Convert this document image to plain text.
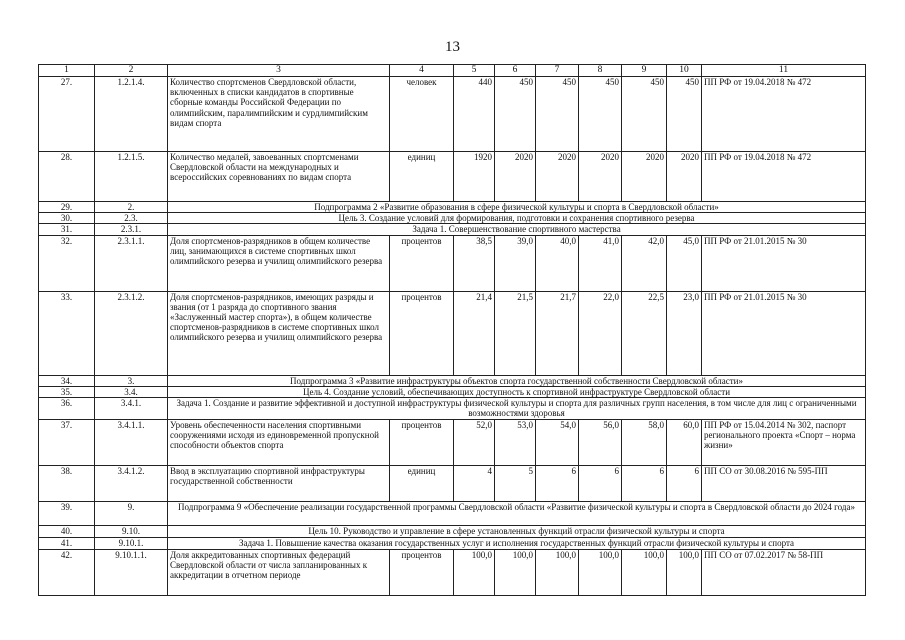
13
1	2	3	4	5	6	7	8	9	10	11
27.	1.2.1.4.	Количество спортсменов Свердловской области, включенных в списки кандидатов в спортивные сборные команды Российской Федерации по олимпийским, паралимпийским и сурдлимпийским видам спорта	человек	440	450	450	450	450	450	ПП РФ от 19.04.2018 № 472
28.	1.2.1.5.	Количество медалей, завоеванных спортсменами Свердловской области на международных и всероссийских соревнованиях по видам спорта	единиц	1920	2020	2020	2020	2020	2020	ПП РФ от 19.04.2018 № 472
29.	2.	Подпрограмма 2 «Развитие образования в сфере физической культуры и спорта в Свердловской области»								
30.	2.3.	Цель 3. Создание условий для формирования, подготовки и сохранения спортивного резерва								
31.	2.3.1.	Задача 1. Совершенствование спортивного мастерства								
32.	2.3.1.1.	Доля спортсменов-разрядников в общем количестве лиц, занимающихся в системе спортивных школ олимпийского резерва и училищ олимпийского резерва	процентов	38,5	39,0	40,0	41,0	42,0	45,0	ПП РФ от 21.01.2015 № 30
33.	2.3.1.2.	Доля спортсменов-разрядников, имеющих разряды и звания (от 1 разряда до спортивного звания «Заслуженный мастер спорта»), в общем количестве спортсменов-разрядников в системе спортивных школ олимпийского резерва и училищ олимпийского резерва	процентов	21,4	21,5	21,7	22,0	22,5	23,0	ПП РФ от 21.01.2015 № 30
34.	3.	Подпрограмма 3 «Развитие инфраструктуры объектов спорта государственной собственности Свердловской области»								
35.	3.4.	Цель 4. Создание условий, обеспечивающих доступность к спортивной инфраструктуре Свердловской области								
36.	3.4.1.	Задача 1. Создание и развитие эффективной и доступной инфраструктуры физической культуры и спорта для различных групп населения, в том числе для лиц с ограниченными возможностями здоровья								
37.	3.4.1.1.	Уровень обеспеченности населения спортивными сооружениями исходя из единовременной пропускной способности объектов спорта	процентов	52,0	53,0	54,0	56,0	58,0	60,0	ПП РФ от 15.04.2014 № 302, паспорт регионального проекта «Спорт – норма жизни»
38.	3.4.1.2.	Ввод в эксплуатацию спортивной инфраструктуры государственной собственности	единиц	4	5	6	6	6	6	ПП СО от 30.08.2016 № 595-ПП
39.	9.	Подпрограмма 9 «Обеспечение реализации государственной программы Свердловской области «Развитие физической культуры и спорта в Свердловской области до 2024 года»								
40.	9.10.	Цель 10. Руководство и управление в сфере установленных функций отрасли физической культуры и спорта								
41.	9.10.1.	Задача 1. Повышение качества оказания государственных услуг и исполнения государственных функций отрасли физической культуры и спорта								
42.	9.10.1.1.	Доля аккредитованных спортивных федераций Свердловской области от числа запланированных к аккредитации в отчетном периоде	процентов	100,0	100,0	100,0	100,0	100,0	100,0	ПП СО от 07.02.2017 № 58-ПП
